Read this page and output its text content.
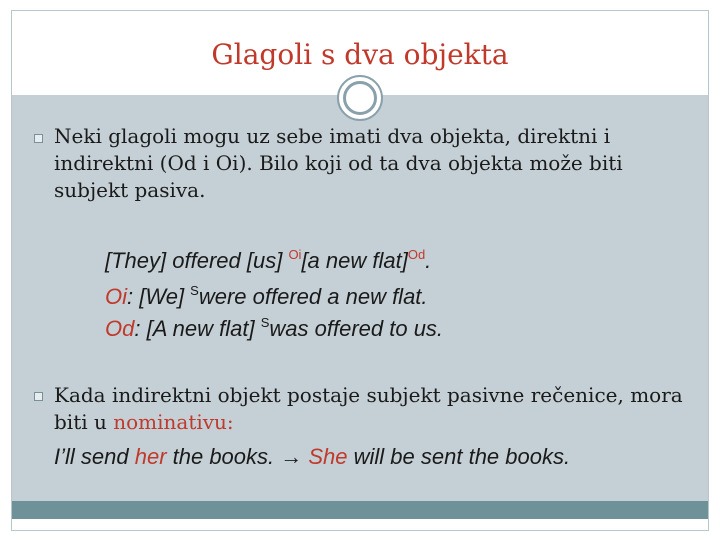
Glagoli s dva objekta
Neki glagoli mogu uz sebe imati dva objekta, direktni i indirektni (Od i Oi). Bilo koji od ta dva objekta može biti subjekt pasiva.
[They] offered [us] $^{Oi}$[a new flat]$^{Od}$.
Oi: [We] $^S$were offered a new flat.
Od: [A new flat] $^S$was offered to us.
Kada indirektni objekt postaje subjekt pasivne rečenice, mora biti u nominativu:
I’ll send her the books. → She will be sent the books.
